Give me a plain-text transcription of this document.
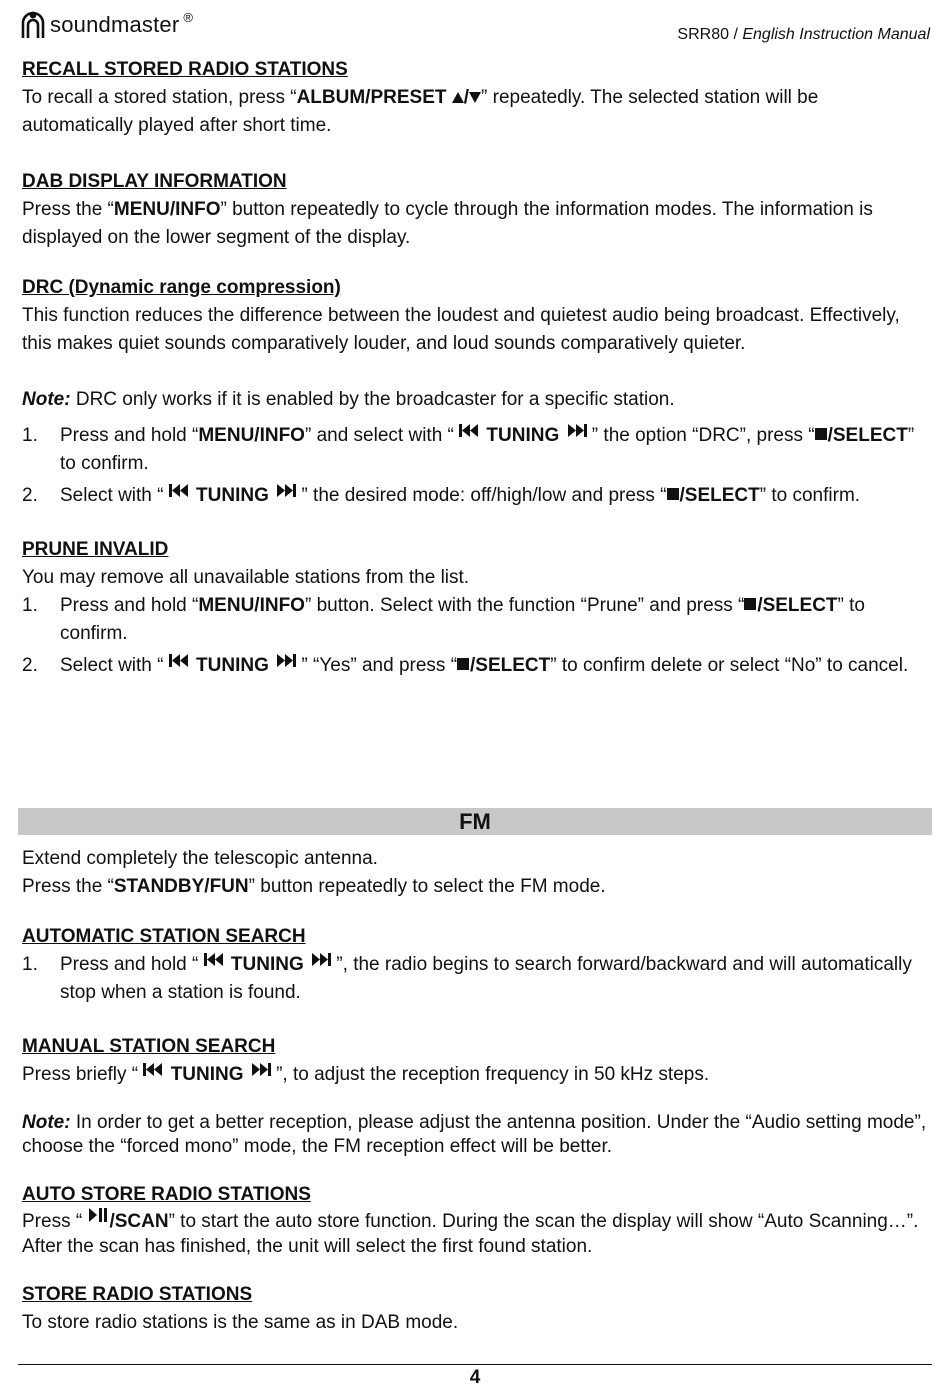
soundmaster ®
SRR80 / English Instruction Manual
RECALL STORED RADIO STATIONS

To recall a stored station, press “ALBUM/PRESET / ” repeatedly. The selected station will be automatically played after short time.

DAB DISPLAY INFORMATION

Press the “MENU/INFO” button repeatedly to cycle through the information modes. The information is displayed on the lower segment of the display.

DRC (Dynamic range compression)

This function reduces the difference between the loudest and quietest audio being broadcast. Effectively, this makes quiet sounds comparatively louder, and loud sounds comparatively quieter.

Note: DRC only works if it is enabled by the broadcaster for a specific station.

1. Press and hold “MENU/INFO” and select with “  TUNING  ” the option “DRC”, press “ /SELECT” to confirm.
2. Select with “  TUNING  ” the desired mode: off/high/low and press “ /SELECT” to confirm.
PRUNE INVALID

You may remove all unavailable stations from the list.

1. Press and hold “MENU/INFO” button. Select with the function “Prune” and press “ /SELECT” to confirm.
2. Select with “  TUNING  ” “Yes” and press “ /SELECT” to confirm delete or select “No” to cancel.
FM

Extend completely the telescopic antenna.

Press the “STANDBY/FUN” button repeatedly to select the FM mode.

AUTOMATIC STATION SEARCH
1. Press and hold “  TUNING  ”, the radio begins to search forward/backward and will automatically stop when a station is found.
MANUAL STATION SEARCH

Press briefly “  TUNING  ”, to adjust the reception frequency in 50 kHz steps.

Note: In order to get a better reception, please adjust the antenna position. Under the “Audio setting mode”, choose the “forced mono” mode, the FM reception effect will be better.

AUTO STORE RADIO STATIONS

Press “ /SCAN” to start the auto store function. During the scan the display will show “Auto Scanning…”. After the scan has finished, the unit will select the first found station.

STORE RADIO STATIONS

To store radio stations is the same as in DAB mode.

4
